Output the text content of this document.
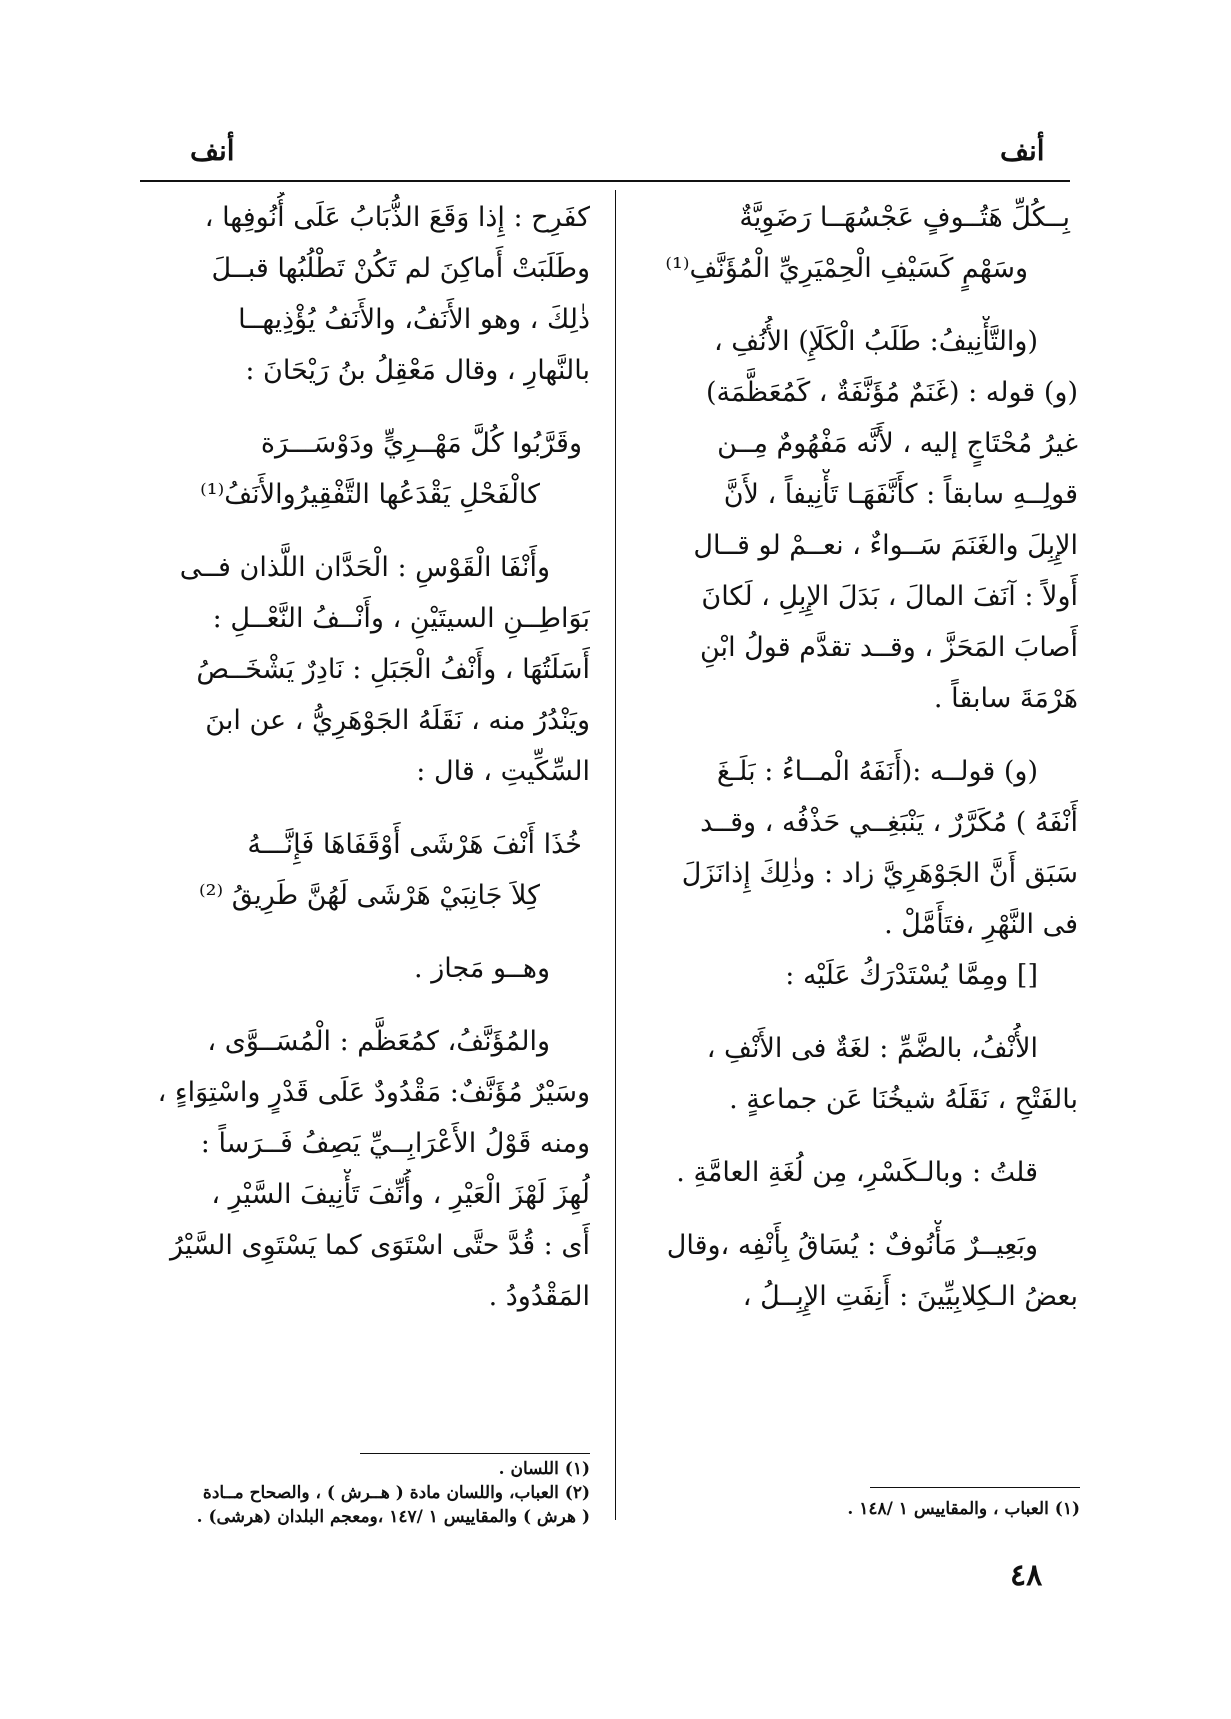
أنف
أنف
بِــكُلِّ هَتُــوفٍ عَجْسُهَــا رَضَوِيَّةٌ
وسَهْمٍ كَسَيْفِ الْحِمْيَرِيِّ الْمُؤَنَّفِ⁽¹⁾
(والتَّأْنِيفُ: طَلَبُ الْكَلَإِ) الأُنُفِ ،
(و) قوله : (غَنَمٌ مُؤَنَّفَةٌ ، كَمُعَظَّمَة)
غيرُ مُحْتَاجٍ إليه ، لأَنَّه مَفْهُومٌ مِــن
قولِــهِ سابقاً : كأَنَّفَهَـا تَأْنِيفاً ، لأَنَّ
الإِبِلَ والغَنَمَ سَــواءٌ ، نعــمْ لو قــال
أَولاً : آنَفَ المالَ ، بَدَلَ الإِبِلِ ، لَكانَ
أَصابَ المَحَزَّ ، وقــد تقدَّم قولُ ابْنِ
هَرْمَةَ سابقاً .
(و) قولــه :(أَنَفَهُ الْمــاءُ : بَلَـغَ
أَنْفَهُ ) مُكَرَّرٌ ، يَنْبَغِــي حَذْفُه ، وقــد
سَبَق أَنَّ الجَوْهَرِيَّ زاد : وذٰلِكَ إِذانَزَلَ
فى النَّهْرِ ،فتَأَمَّلْ .
[] ومِمَّا يُسْتَدْرَكُ عَلَيْه :
الأُنْفُ، بالضَّمِّ : لغَةٌ فى الأَنْفِ ،
بالفَتْحِ ، نَقَلَهُ شيخُنَا عَن جماعةٍ .
قلتُ : وبالـكَسْرِ، مِن لُغَةِ العامَّةِ .
وبَعِيــرٌ مَأْنُوفٌ : يُسَاقُ بِأَنْفِه ،وقال
بعضُ الـكِلابِيِّينَ : أَنِفَتِ الإِبِــلُ ،
كفَرِح : إِذا وَقَعَ الذُّبَابُ عَلَى أُنُوفِها ،
وطَلَبَتْ أَماكِنَ لم تَكُنْ تَطْلُبُها قبــلَ
ذٰلِكَ ، وهو الأَنَفُ، والأَنَفُ يُؤْذِيهــا
بالنَّهارِ ، وقال مَعْقِلُ بنُ رَيْحَانَ :
وقَرَّبُوا كُلَّ مَهْــرِيٍّ ودَوْسَـــرَة
كالْفَحْلِ يَقْدَعُها التَّفْقِيرُوالأَنَفُ⁽¹⁾
وأَنْفَا الْقَوْسِ : الْحَدَّان اللَّذان فــى
بَوَاطِــنِ السيتَيْنِ ، وأَنْــفُ النَّعْــلِ :
أَسَلَتُهَا ، وأَنْفُ الْجَبَلِ : نَادِرٌ يَشْخَــصُ
ويَنْدُرُ منه ، نَقَلَهُ الجَوْهَرِيُّ ، عن ابنَ
السِّكِّيتِ ، قال :
خُذَا أَنْفَ هَرْشَى أَوْقَفَاهَا فَإِنَّـــهُ
كِلاَ جَانِبَيْ هَرْشَى لَهُنَّ طَرِيقُ ⁽²⁾
وهــو مَجاز .
والمُؤَنَّفُ، كمُعَظَّم : الْمُسَــوَّى ،
وسَيْرٌ مُؤَنَّفٌ: مَقْدُودٌ عَلَى قَدْرٍ واسْتِوَاءٍ ،
ومنه قَوْلُ الأَعْرَابِــيِّ يَصِفُ فَــرَساً :
لُهِزَ لَهْزَ الْعَيْرِ ، وأُنِّفَ تَأْنِيفَ السَّيْرِ ،
أَى : قُدَّ حتَّى اسْتَوَى كما يَسْتَوِى السَّيْرُ
المَقْدُودُ .
(١) العباب ، والمقاييس ١ /١٤٨ .
(١) اللسان .
(٢) العباب، واللسان مادة ( هــرش ) ، والصحاح مــادة
( هرش ) والمقاييس ١ /١٤٧ ،ومعجم البلدان (هرشى) .
٤٨
